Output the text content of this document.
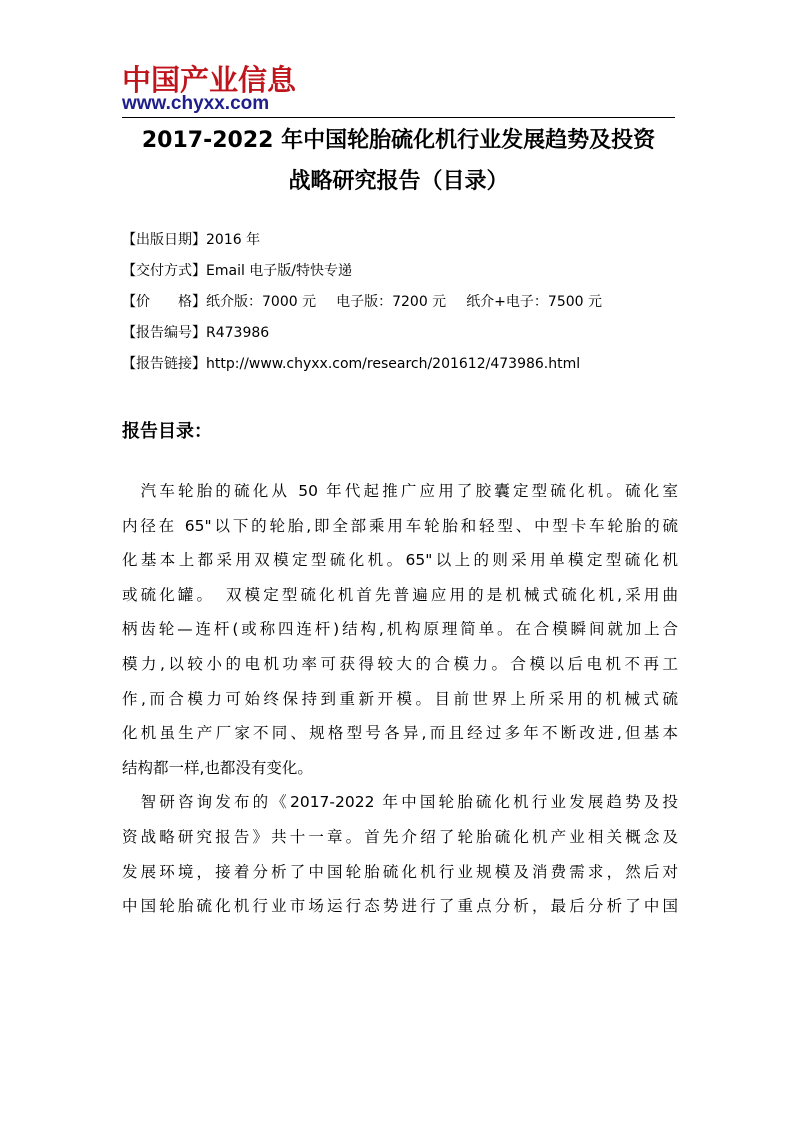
中国产业信息
www.chyxx.com
2017-2022 年中国轮胎硫化机行业发展趋势及投资
战略研究报告（目录）
【出版日期】2016 年
【交付方式】Email 电子版/特快专递
【价　　格】纸介版：7000 元 电子版：7200 元 纸介+电子：7500 元
【报告编号】R473986
【报告链接】http://www.chyxx.com/research/201612/473986.html
报告目录：
　汽车轮胎的硫化从 50 年代起推广应用了胶囊定型硫化机。硫化室
内径在 65"以下的轮胎,即全部乘用车轮胎和轻型、中型卡车轮胎的硫
化基本上都采用双模定型硫化机。65"以上的则采用单模定型硫化机
或硫化罐。　双模定型硫化机首先普遍应用的是机械式硫化机,采用曲
柄齿轮—连杆(或称四连杆)结构,机构原理简单。在合模瞬间就加上合
模力,以较小的电机功率可获得较大的合模力。合模以后电机不再工
作,而合模力可始终保持到重新开模。目前世界上所采用的机械式硫
化机虽生产厂家不同、规格型号各异,而且经过多年不断改进,但基本
结构都一样,也都没有变化。
　智研咨询发布的《2017-2022 年中国轮胎硫化机行业发展趋势及投
资战略研究报告》共十一章。首先介绍了轮胎硫化机产业相关概念及
发展环境，接着分析了中国轮胎硫化机行业规模及消费需求，然后对
中国轮胎硫化机行业市场运行态势进行了重点分析，最后分析了中国
